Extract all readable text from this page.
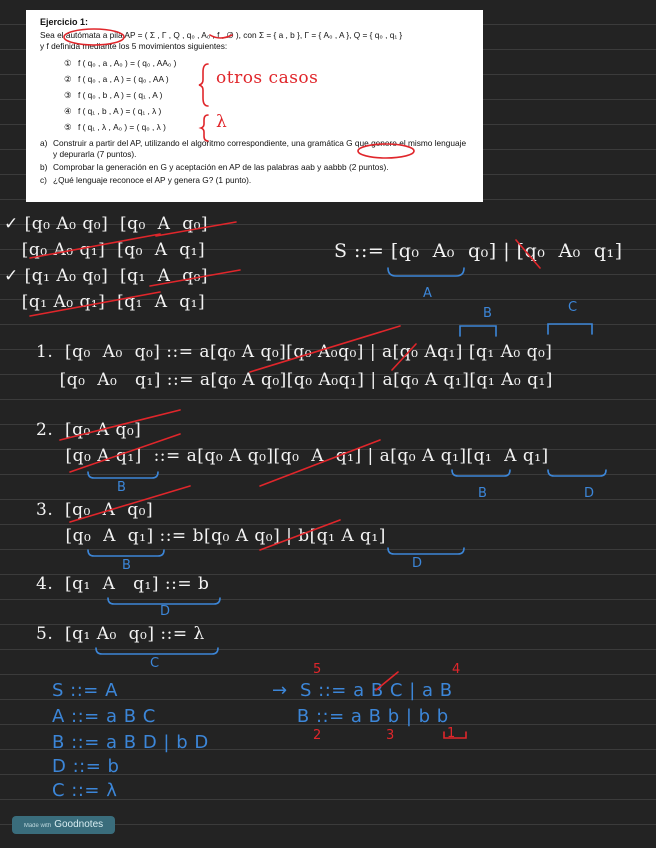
Ejercicio 1:
Sea el autómata a pila AP = ( Σ , Γ , Q , q₀ , A₀ , f , ∅ ), con Σ = { a , b }, Γ = { A₀ , A }, Q = { q₀ , q₁ }
y f definida mediante los 5 movimientos siguientes:
① f ( q₀ , a , A₀ ) = ( q₀ , AA₀ )
② f ( q₀ , a , A ) = ( q₀ , AA )
③ f ( q₀ , b , A ) = ( q₁ , A )
④ f ( q₁ , b , A ) = ( q₁ , λ )
⑤ f ( q₁ , λ , A₀ ) = ( q₀ , λ )
a) Construir a partir del AP, utilizando el algoritmo correspondiente, una gramática G que genere el mismo lenguaje y depurarla (7 puntos).
b) Comprobar la generación en G y aceptación en AP de las palabras aab y aabbb (2 puntos).
c) ¿Qué lenguaje reconoce el AP y genera G? (1 punto).
otros casos
λ
✓ [q₀ A₀ q₀]  [q₀  A  q₀]
[q₀ A₀ q₁]  [q₀  A  q₁]
✓ [q₁ A₀ q₀]  [q₁  A  q₀]
[q₁ A₀ q₁]  [q₁  A  q₁]
S ::= [q₀  A₀  q₀] | [q₀  A₀  q₁]
A
B	C
1.  [q₀  A₀  q₀] ::= a[q₀ A q₀][q₀ A₀q₀] | a[q₀ Aq₁] [q₁ A₀ q₀]
[q₀  A₀   q₁] ::= a[q₀ A q₀][q₀ A₀q₁] | a[q₀ A q₁][q₁ A₀ q₁]
2.  [q₀ A q₀]
[q₀ A q₁]  ::= a[q₀ A q₀][q₀  A  q₁] | a[q₀ A q₁][q₁  A q₁]
B	B	D
3.  [q₀  A  q₀]
[q₀  A  q₁] ::= b[q₀ A q₀] | b[q₁ A q₁]
B	D
4.  [q₁  A   q₁] ::= b
D
5.  [q₁ A₀  q₀] ::= λ
C
S ::= A
A ::= a B C
B ::= a B D | b D
D ::= b
C ::= λ
→  S ::= a B C | a B
B ::= a B b | b b
5	4
2	3	1
Made with Goodnotes
